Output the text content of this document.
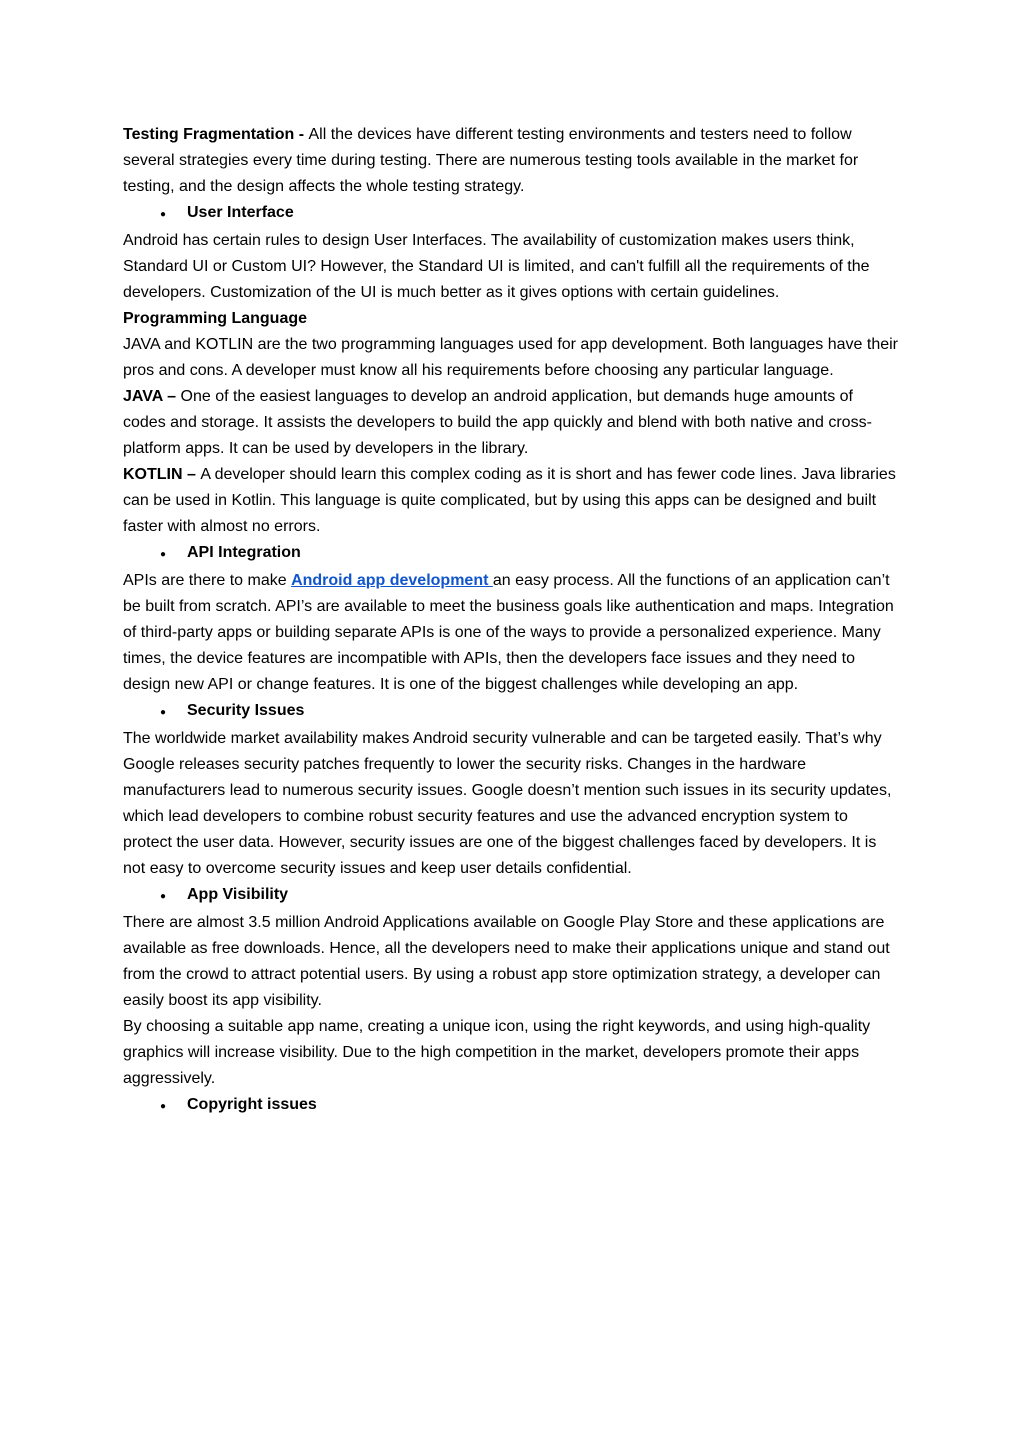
Testing Fragmentation - All the devices have different testing environments and testers need to follow several strategies every time during testing. There are numerous testing tools available in the market for testing, and the design affects the whole testing strategy.

● User Interface

Android has certain rules to design User Interfaces. The availability of customization makes users think, Standard UI or Custom UI? However, the Standard UI is limited, and can't fulfill all the requirements of the developers. Customization of the UI is much better as it gives options with certain guidelines.

Programming Language

JAVA and KOTLIN are the two programming languages used for app development. Both languages have their pros and cons. A developer must know all his requirements before choosing any particular language.

JAVA – One of the easiest languages to develop an android application, but demands huge amounts of codes and storage. It assists the developers to build the app quickly and blend with both native and cross-platform apps. It can be used by developers in the library.

KOTLIN – A developer should learn this complex coding as it is short and has fewer code lines. Java libraries can be used in Kotlin. This language is quite complicated, but by using this apps can be designed and built faster with almost no errors.

● API Integration

APIs are there to make Android app development an easy process. All the functions of an application can’t be built from scratch. API’s are available to meet the business goals like authentication and maps. Integration of third-party apps or building separate APIs is one of the ways to provide a personalized experience. Many times, the device features are incompatible with APIs, then the developers face issues and they need to design new API or change features. It is one of the biggest challenges while developing an app.

● Security Issues

The worldwide market availability makes Android security vulnerable and can be targeted easily. That’s why Google releases security patches frequently to lower the security risks. Changes in the hardware manufacturers lead to numerous security issues. Google doesn’t mention such issues in its security updates, which lead developers to combine robust security features and use the advanced encryption system to protect the user data. However, security issues are one of the biggest challenges faced by developers. It is not easy to overcome security issues and keep user details confidential.

● App Visibility

There are almost 3.5 million Android Applications available on Google Play Store and these applications are available as free downloads. Hence, all the developers need to make their applications unique and stand out from the crowd to attract potential users. By using a robust app store optimization strategy, a developer can easily boost its app visibility.

By choosing a suitable app name, creating a unique icon, using the right keywords, and using high-quality graphics will increase visibility. Due to the high competition in the market, developers promote their apps aggressively.

● Copyright issues
